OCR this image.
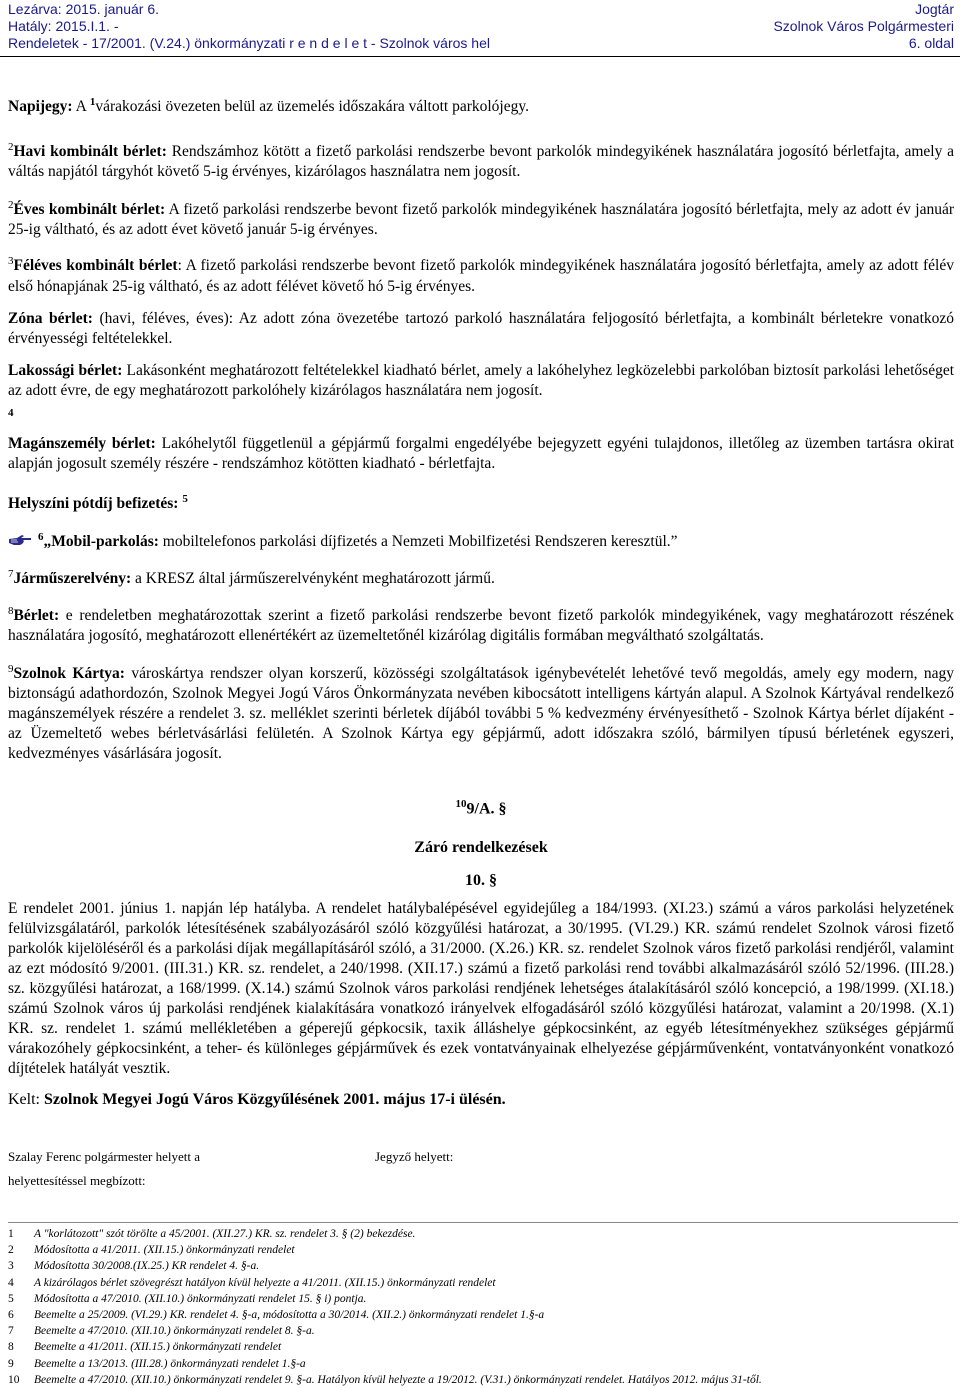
Lezárva: 2015. január 6.	Jogtár
Hatály: 2015.I.1. -	Szolnok Város Polgármesteri
Rendeletek - 17/2001. (V.24.) önkormányzati r e n d e l e t - Szolnok város hel	6. oldal

Napijegy: A $^1$várakozási övezeten belül az üzemelés időszakára váltott parkolójegy.

$^2$Havi kombinált bérlet: Rendszámhoz kötött a fizető parkolási rendszerbe bevont parkolók mindegyikének használatára jogosító bérletfajta, amely a váltás napjától tárgyhót követő 5-ig érvényes, kizárólagos használatra nem jogosít.

$^2$Éves kombinált bérlet: A fizető parkolási rendszerbe bevont fizető parkolók mindegyikének használatára jogosító bérletfajta, mely az adott év január 25-ig váltható, és az adott évet követő január 5-ig érvényes.

$^3$Féléves kombinált bérlet: A fizető parkolási rendszerbe bevont fizető parkolók mindegyikének használatára jogosító bérletfajta, amely az adott félév első hónapjának 25-ig váltható, és az adott félévet követő hó 5-ig érvényes.

Zóna bérlet: (havi, féléves, éves): Az adott zóna övezetébe tartozó parkoló használatára feljogosító bérletfajta, a kombinált bérletekre vonatkozó érvényességi feltételekkel.

Lakossági bérlet: Lakásonként meghatározott feltételekkel kiadható bérlet, amely a lakóhelyhez legközelebbi parkolóban biztosít parkolási lehetőséget az adott évre, de egy meghatározott parkolóhely kizárólagos használatára nem jogosít.

4

Magánszemély bérlet: Lakóhelytől függetlenül a gépjármű forgalmi engedélyébe bejegyzett egyéni tulajdonos, illetőleg az üzemben tartásra okirat alapján jogosult személy részére - rendszámhoz kötötten kiadható - bérletfajta.

Helyszíni pótdíj befizetés: $^5$

$^6$„Mobil-parkolás: mobiltelefonos parkolási díjfizetés a Nemzeti Mobilfizetési Rendszeren keresztül.”

$^7$Járműszerelvény: a KRESZ által járműszerelvényként meghatározott jármű.

$^8$Bérlet: e rendeletben meghatározottak szerint a fizető parkolási rendszerbe bevont fizető parkolók mindegyikének, vagy meghatározott részének használatára jogosító, meghatározott ellenértékért az üzemeltetőnél kizárólag digitális formában megváltható szolgáltatás.

$^9$Szolnok Kártya: városkártya rendszer olyan korszerű, közösségi szolgáltatások igénybevételét lehetővé tevő megoldás, amely egy modern, nagy biztonságú adathordozón, Szolnok Megyei Jogú Város Önkormányzata nevében kibocsátott intelligens kártyán alapul. A Szolnok Kártyával rendelkező magánszemélyek részére a rendelet 3. sz. melléklet szerinti bérletek díjából további 5 % kedvezmény érvényesíthető - Szolnok Kártya bérlet díjaként - az Üzemeltető webes bérletvásárlási felületén. A Szolnok Kártya egy gépjármű, adott időszakra szóló, bármilyen típusú bérletének egyszeri, kedvezményes vásárlására jogosít.

$^{10}$9/A. §
Záró rendelkezések
10. §

E rendelet 2001. június 1. napján lép hatályba. A rendelet hatálybalépésével egyidejűleg a 184/1993. (XI.23.) számú a város parkolási helyzetének felülvizsgálatáról, parkolók létesítésének szabályozásáról szóló közgyűlési határozat, a 30/1995. (VI.29.) KR. számú rendelet Szolnok városi fizető parkolók kijelöléséről és a parkolási díjak megállapításáról szóló, a 31/2000. (X.26.) KR. sz. rendelet Szolnok város fizető parkolási rendjéről, valamint az ezt módosító 9/2001. (III.31.) KR. sz. rendelet, a 240/1998. (XII.17.) számú a fizető parkolási rend további alkalmazásáról szóló 52/1996. (III.28.) sz. közgyűlési határozat, a 168/1999. (X.14.) számú Szolnok város parkolási rendjének lehetséges átalakításáról szóló koncepció, a 198/1999. (XI.18.) számú Szolnok város új parkolási rendjének kialakítására vonatkozó irányelvek elfogadásáról szóló közgyűlési határozat, valamint a 20/1998. (X.1) KR. sz. rendelet 1. számú mellékletében a géperejű gépkocsik, taxik álláshelye gépkocsinként, az egyéb létesítményekhez szükséges gépjármű várakozóhely gépkocsinként, a teher- és különleges gépjárművek és ezek vontatványainak elhelyezése gépjárművenként, vontatványonként vonatkozó díjtételek hatályát vesztik.

Kelt: Szolnok Megyei Jogú Város Közgyűlésének 2001. május 17-i ülésén.

Szalay Ferenc polgármester helyett a
helyettesítéssel megbízott:
Jegyző helyett:
1 A "korlátozott" szót törölte a 45/2001. (XII.27.) KR. sz. rendelet 3. § (2) bekezdése.
2 Módosította a 41/2011. (XII.15.) önkormányzati rendelet
3 Módosította 30/2008.(IX.25.) KR rendelet 4. §-a.
4 A kizárólagos bérlet szövegrészt hatályon kívül helyezte a 41/2011. (XII.15.) önkormányzati rendelet
5 Módosította a 47/2010. (XII.10.) önkormányzati rendelet 15. § i) pontja.
6 Beemelte a 25/2009. (VI.29.) KR. rendelet 4. §-a, módosította a 30/2014. (XII.2.) önkormányzati rendelet 1.§-a
7 Beemelte a 47/2010. (XII.10.) önkormányzati rendelet 8. §-a.
8 Beemelte a 41/2011. (XII.15.) önkormányzati rendelet
9 Beemelte a 13/2013. (III.28.) önkormányzati rendelet 1.§-a
10 Beemelte a 47/2010. (XII.10.) önkormányzati rendelet 9. §-a. Hatályon kívül helyezte a 19/2012. (V.31.) önkormányzati rendelet. Hatályos 2012. május 31-től.
